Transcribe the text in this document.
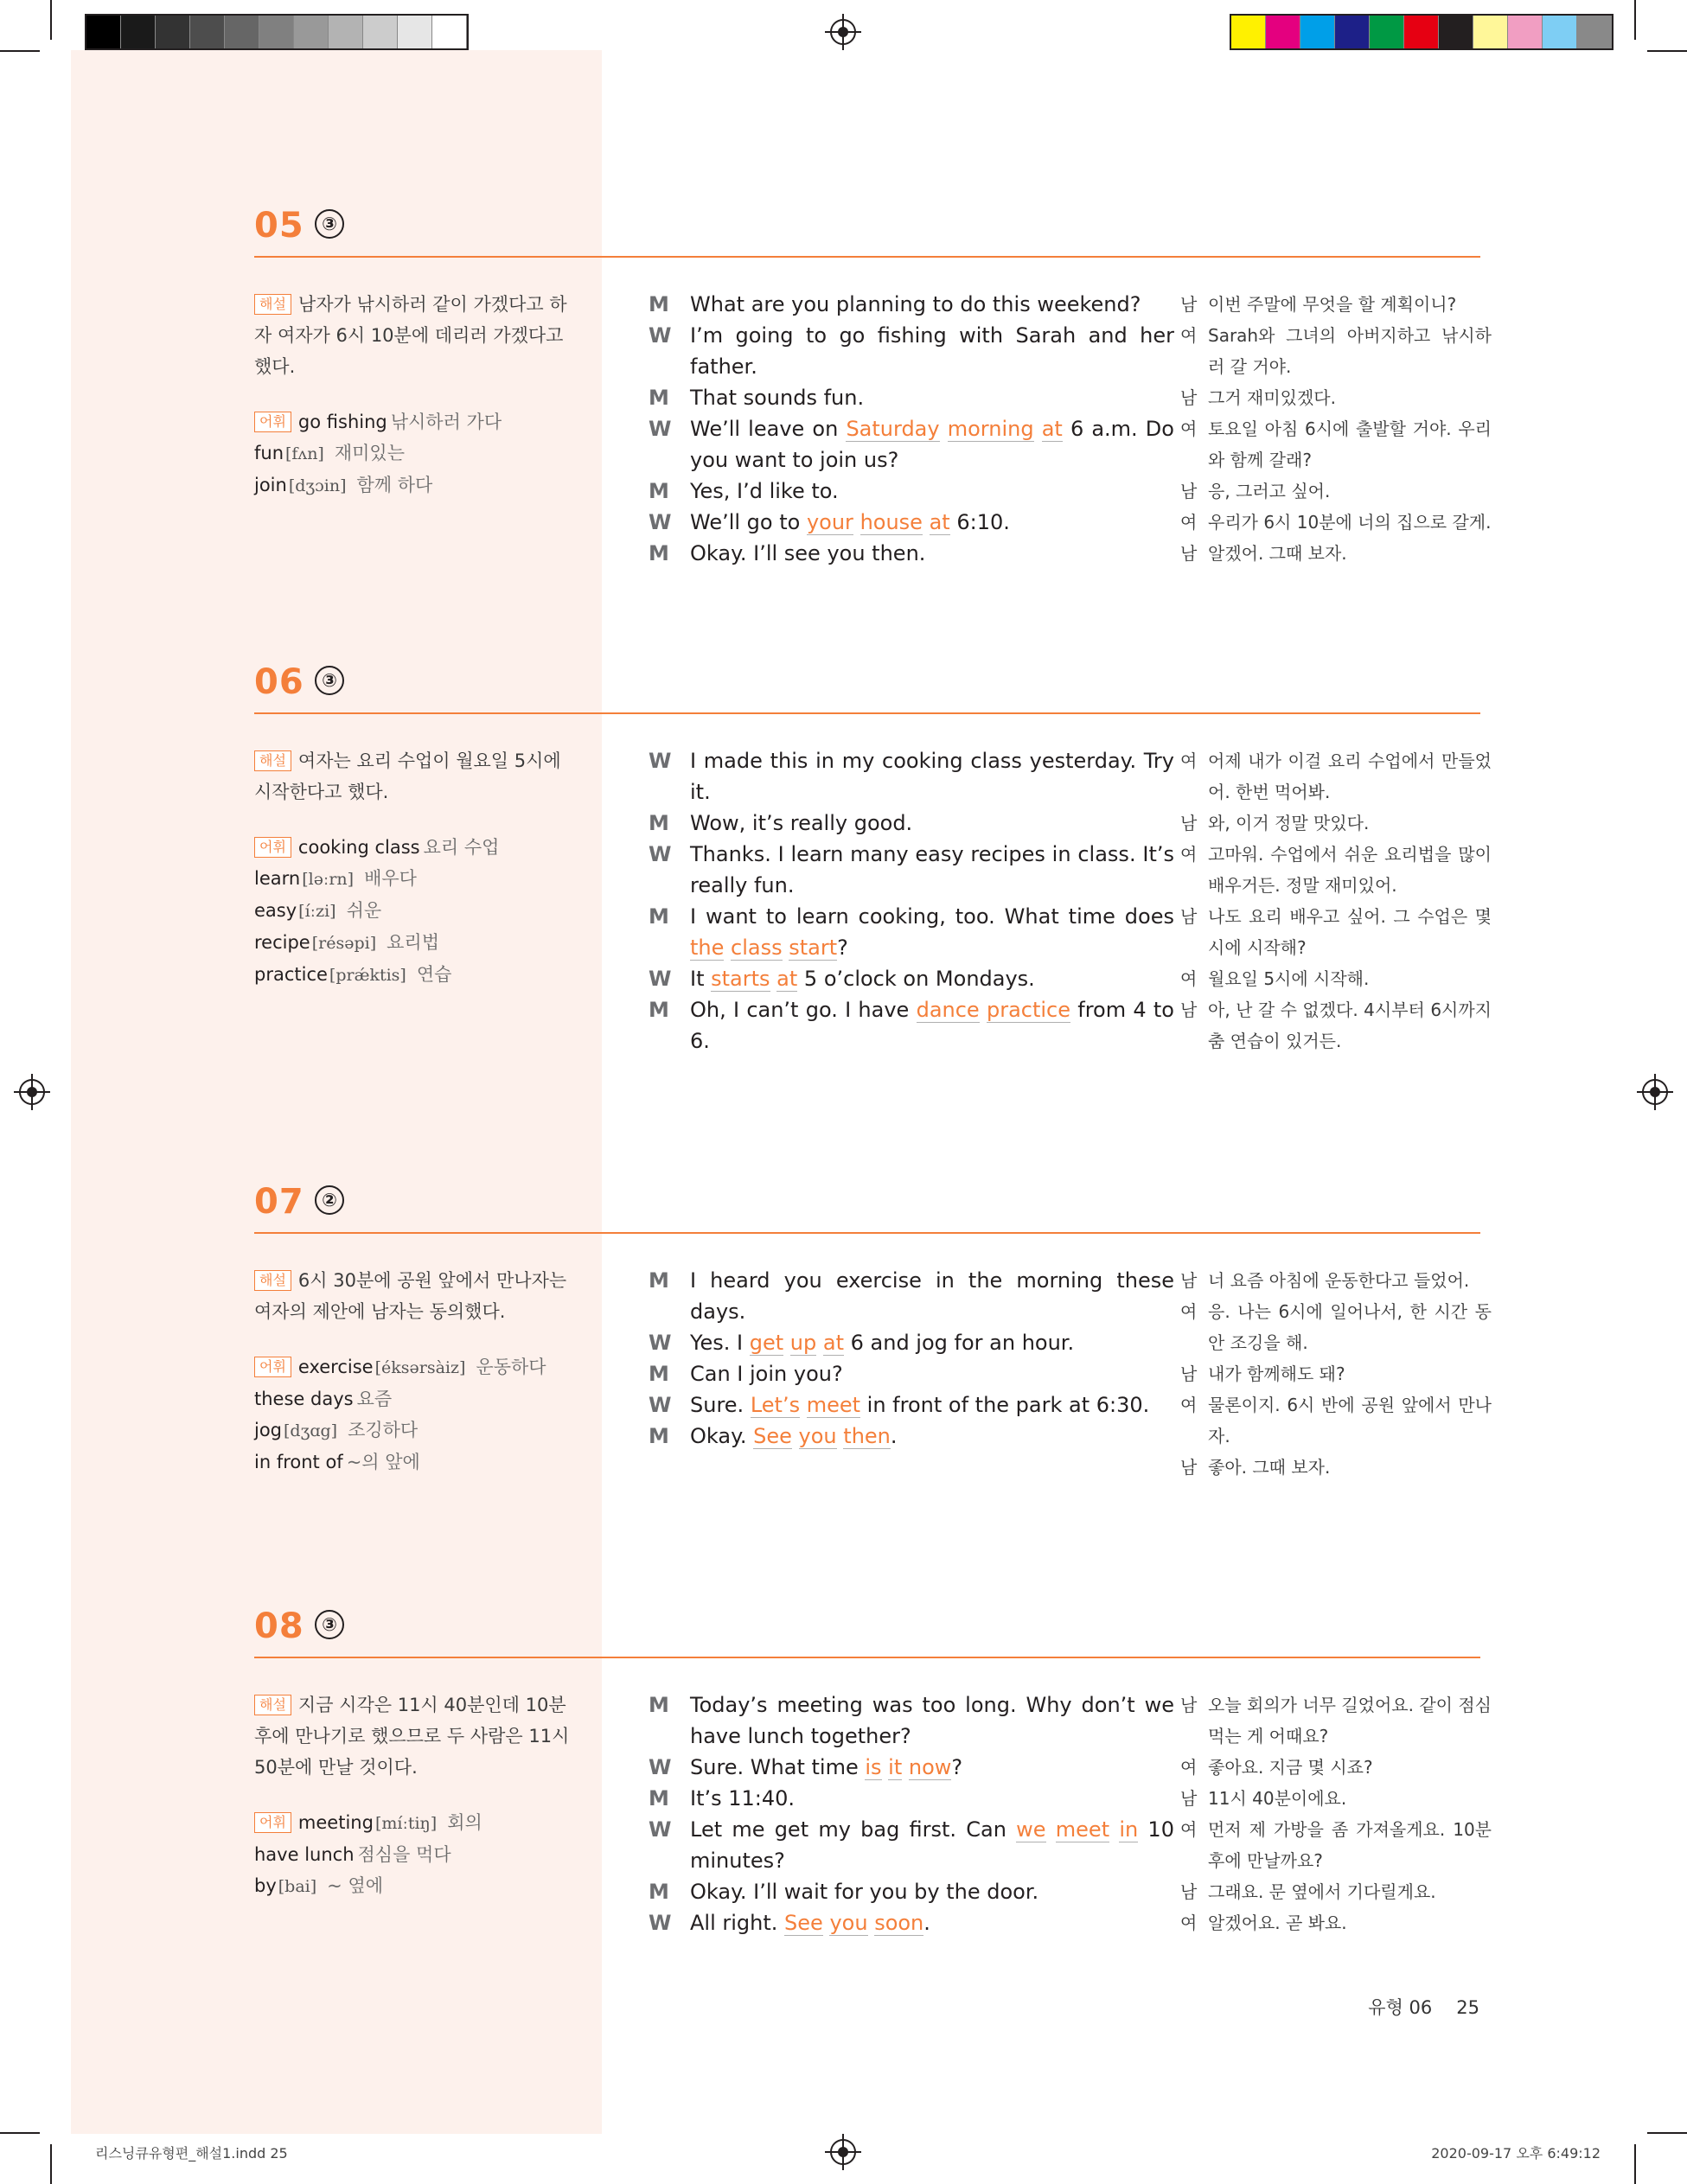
05 ③
해설 남자가 낚시하러 같이 가겠다고 하자 여자가 6시 10분에 데리러 가겠다고 했다.
어휘 go fishing 낚시하러 가다
fun [fʌn] 재미있는
join [dʒɔin] 함께 하다
M What are you planning to do this weekend?
W I’m going to go fishing with Sarah and her father.
M That sounds fun.
W We’ll leave on Saturday morning at 6 a.m. Do you want to join us?
M Yes, I’d like to.
W We’ll go to your house at 6:10.
M Okay. I’ll see you then.
남 이번 주말에 무엇을 할 계획이니?
여 Sarah와 그녀의 아버지하고 낚시하러 갈 거야.
남 그거 재미있겠다.
여 토요일 아침 6시에 출발할 거야. 우리와 함께 갈래?
남 응, 그러고 싶어.
여 우리가 6시 10분에 너의 집으로 갈게.
남 알겠어. 그때 보자.
06 ③
해설 여자는 요리 수업이 월요일 5시에 시작한다고 했다.
어휘 cooking class 요리 수업
learn [ləːrn] 배우다
easy [íːzi] 쉬운
recipe [résəpi] 요리법
practice [prǽktis] 연습
W I made this in my cooking class yesterday. Try it.
M Wow, it’s really good.
W Thanks. I learn many easy recipes in class. It’s really fun.
M I want to learn cooking, too. What time does the class start?
W It starts at 5 o’clock on Mondays.
M Oh, I can’t go. I have dance practice from 4 to 6.
여 어제 내가 이걸 요리 수업에서 만들었어. 한번 먹어봐.
남 와, 이거 정말 맛있다.
여 고마워. 수업에서 쉬운 요리법을 많이 배우거든. 정말 재미있어.
남 나도 요리 배우고 싶어. 그 수업은 몇 시에 시작해?
여 월요일 5시에 시작해.
남 아, 난 갈 수 없겠다. 4시부터 6시까지 춤 연습이 있거든.
07 ②
해설 6시 30분에 공원 앞에서 만나자는 여자의 제안에 남자는 동의했다.
어휘 exercise [éksərsàiz] 운동하다
these days 요즘
jog [dʒɑg] 조깅하다
in front of ~의 앞에
M I heard you exercise in the morning these days.
W Yes. I get up at 6 and jog for an hour.
M Can I join you?
W Sure. Let’s meet in front of the park at 6:30.
M Okay. See you then.
남 너 요즘 아침에 운동한다고 들었어.
여 응. 나는 6시에 일어나서, 한 시간 동안 조깅을 해.
남 내가 함께해도 돼?
여 물론이지. 6시 반에 공원 앞에서 만나자.
남 좋아. 그때 보자.
08 ③
해설 지금 시각은 11시 40분인데 10분 후에 만나기로 했으므로 두 사람은 11시 50분에 만날 것이다.
어휘 meeting [míːtiŋ] 회의
have lunch 점심을 먹다
by [bai] ~ 옆에
M Today’s meeting was too long. Why don’t we have lunch together?
W Sure. What time is it now?
M It’s 11:40.
W Let me get my bag first. Can we meet in 10 minutes?
M Okay. I’ll wait for you by the door.
W All right. See you soon.
남 오늘 회의가 너무 길었어요. 같이 점심 먹는 게 어때요?
여 좋아요. 지금 몇 시죠?
남 11시 40분이에요.
여 먼저 제 가방을 좀 가져올게요. 10분 후에 만날까요?
남 그래요. 문 옆에서 기다릴게요.
여 알겠어요. 곧 봐요.
유형 06 25
리스닝큐유형편_해설1.indd 25	2020-09-17 오후 6:49:12
